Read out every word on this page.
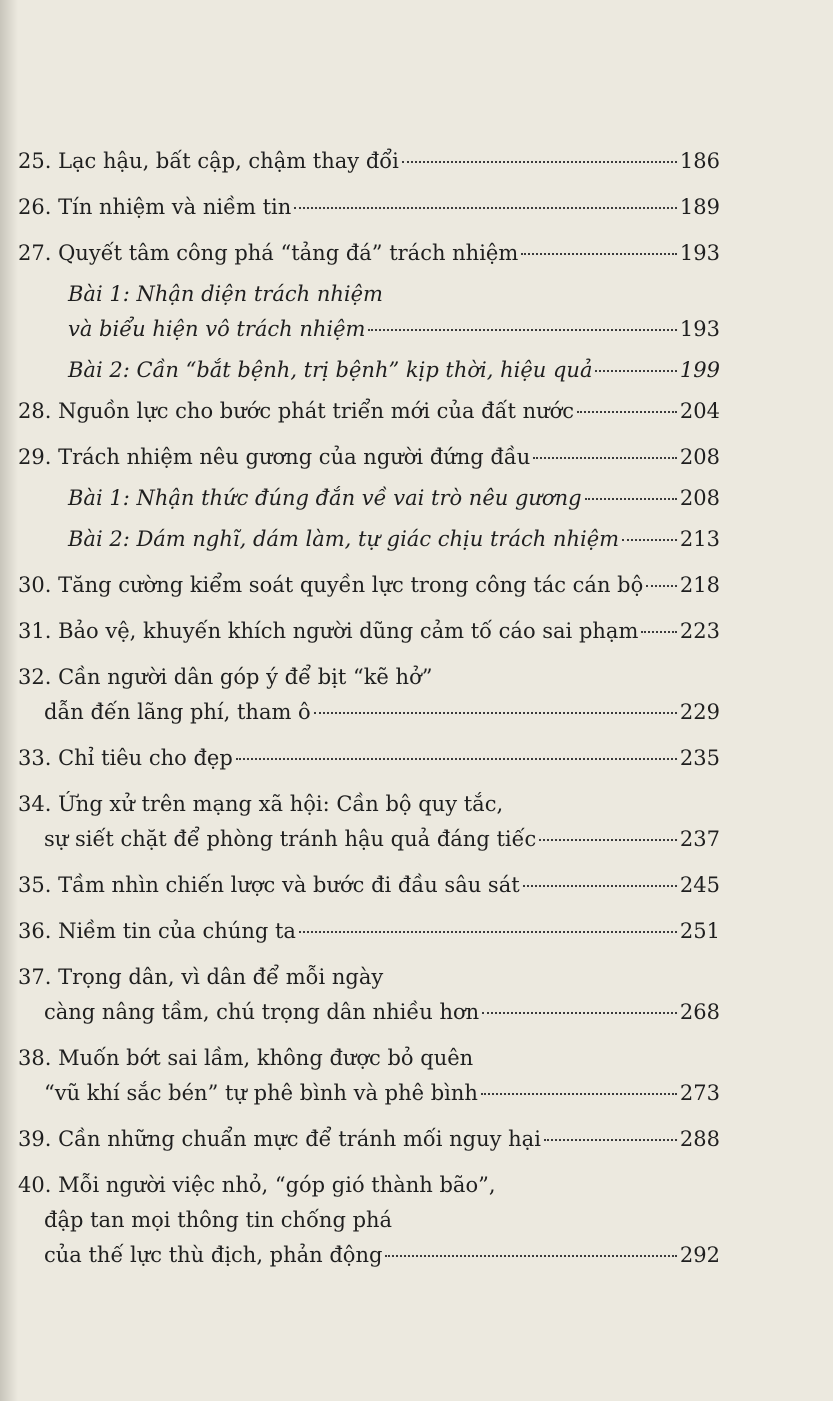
25. Lạc hậu, bất cập, chậm thay đổi	186
26. Tín nhiệm và niềm tin	189
27. Quyết tâm công phá “tảng đá” trách nhiệm	193
Bài 1: Nhận diện trách nhiệm
và biểu hiện vô trách nhiệm	193
Bài 2: Cần “bắt bệnh, trị bệnh” kịp thời, hiệu quả	199
28. Nguồn lực cho bước phát triển mới của đất nước	204
29. Trách nhiệm nêu gương của người đứng đầu	208
Bài 1: Nhận thức đúng đắn về vai trò nêu gương	208
Bài 2: Dám nghĩ, dám làm, tự giác chịu trách nhiệm	213
30. Tăng cường kiểm soát quyền lực trong công tác cán bộ 218
31. Bảo vệ, khuyến khích người dũng cảm tố cáo sai phạm 223
32. Cần người dân góp ý để bịt “kẽ hở”
dẫn đến lãng phí, tham ô	229
33. Chỉ tiêu cho đẹp	235
34. Ứng xử trên mạng xã hội: Cần bộ quy tắc,
sự siết chặt để phòng tránh hậu quả đáng tiếc	237
35. Tầm nhìn chiến lược và bước đi đầu sâu sát	245
36. Niềm tin của chúng ta	251
37. Trọng dân, vì dân để mỗi ngày
càng nâng tầm, chú trọng dân nhiều hơn	268
38. Muốn bớt sai lầm, không được bỏ quên
“vũ khí sắc bén” tự phê bình và phê bình	273
39. Cần những chuẩn mực để tránh mối nguy hại	288
40. Mỗi người việc nhỏ, “góp gió thành bão”,
đập tan mọi thông tin chống phá
của thế lực thù địch, phản động	292
